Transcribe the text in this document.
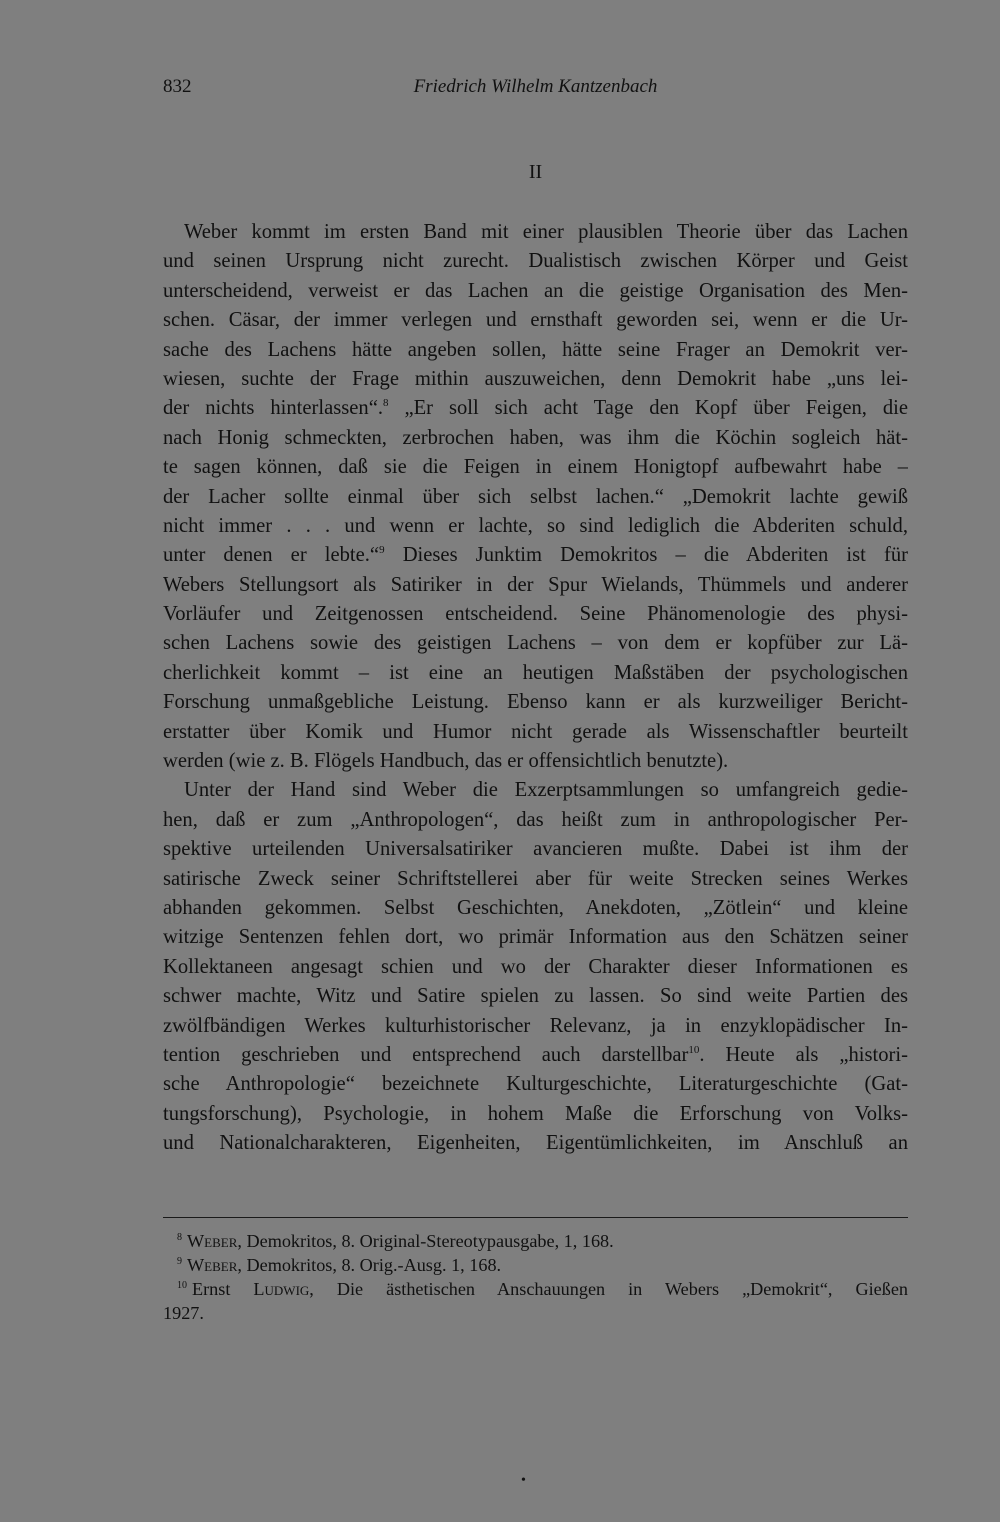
832	Friedrich Wilhelm Kantzenbach
II
Weber kommt im ersten Band mit einer plausiblen Theorie über das Lachen
und seinen Ursprung nicht zurecht. Dualistisch zwischen Körper und Geist
unterscheidend, verweist er das Lachen an die geistige Organisation des Men-
schen. Cäsar, der immer verlegen und ernsthaft geworden sei, wenn er die Ur-
sache des Lachens hätte angeben sollen, hätte seine Frager an Demokrit ver-
wiesen, suchte der Frage mithin auszuweichen, denn Demokrit habe „uns lei-
der nichts hinterlassen“.$^8$ „Er soll sich acht Tage den Kopf über Feigen, die
nach Honig schmeckten, zerbrochen haben, was ihm die Köchin sogleich hät-
te sagen können, daß sie die Feigen in einem Honigtopf aufbewahrt habe –
der Lacher sollte einmal über sich selbst lachen.“ „Demokrit lachte gewiß
nicht immer . . . und wenn er lachte, so sind lediglich die Abderiten schuld,
unter denen er lebte.“$^9$ Dieses Junktim Demokritos – die Abderiten ist für
Webers Stellungsort als Satiriker in der Spur Wielands, Thümmels und anderer
Vorläufer und Zeitgenossen entscheidend. Seine Phänomenologie des physi-
schen Lachens sowie des geistigen Lachens – von dem er kopfüber zur Lä-
cherlichkeit kommt – ist eine an heutigen Maßstäben der psychologischen
Forschung unmaßgebliche Leistung. Ebenso kann er als kurzweiliger Bericht-
erstatter über Komik und Humor nicht gerade als Wissenschaftler beurteilt
werden (wie z. B. Flögels Handbuch, das er offensichtlich benutzte).
Unter der Hand sind Weber die Exzerptsammlungen so umfangreich gedie-
hen, daß er zum „Anthropologen“, das heißt zum in anthropologischer Per-
spektive urteilenden Universalsatiriker avancieren mußte. Dabei ist ihm der
satirische Zweck seiner Schriftstellerei aber für weite Strecken seines Werkes
abhanden gekommen. Selbst Geschichten, Anekdoten, „Zötlein“ und kleine
witzige Sentenzen fehlen dort, wo primär Information aus den Schätzen seiner
Kollektaneen angesagt schien und wo der Charakter dieser Informationen es
schwer machte, Witz und Satire spielen zu lassen. So sind weite Partien des
zwölfbändigen Werkes kulturhistorischer Relevanz, ja in enzyklopädischer In-
tention geschrieben und entsprechend auch darstellbar$^{10}$. Heute als „histori-
sche Anthropologie“ bezeichnete Kulturgeschichte, Literaturgeschichte (Gat-
tungsforschung), Psychologie, in hohem Maße die Erforschung von Volks-
und Nationalcharakteren, Eigenheiten, Eigentümlichkeiten, im Anschluß an
$^8$ Weber, Demokritos, 8. Original-Stereotypausgabe, 1, 168.
$^9$ Weber, Demokritos, 8. Orig.-Ausg. 1, 168.
$^{10}$ Ernst Ludwig, Die ästhetischen Anschauungen in Webers „Demokrit“, Gießen
1927.
•
